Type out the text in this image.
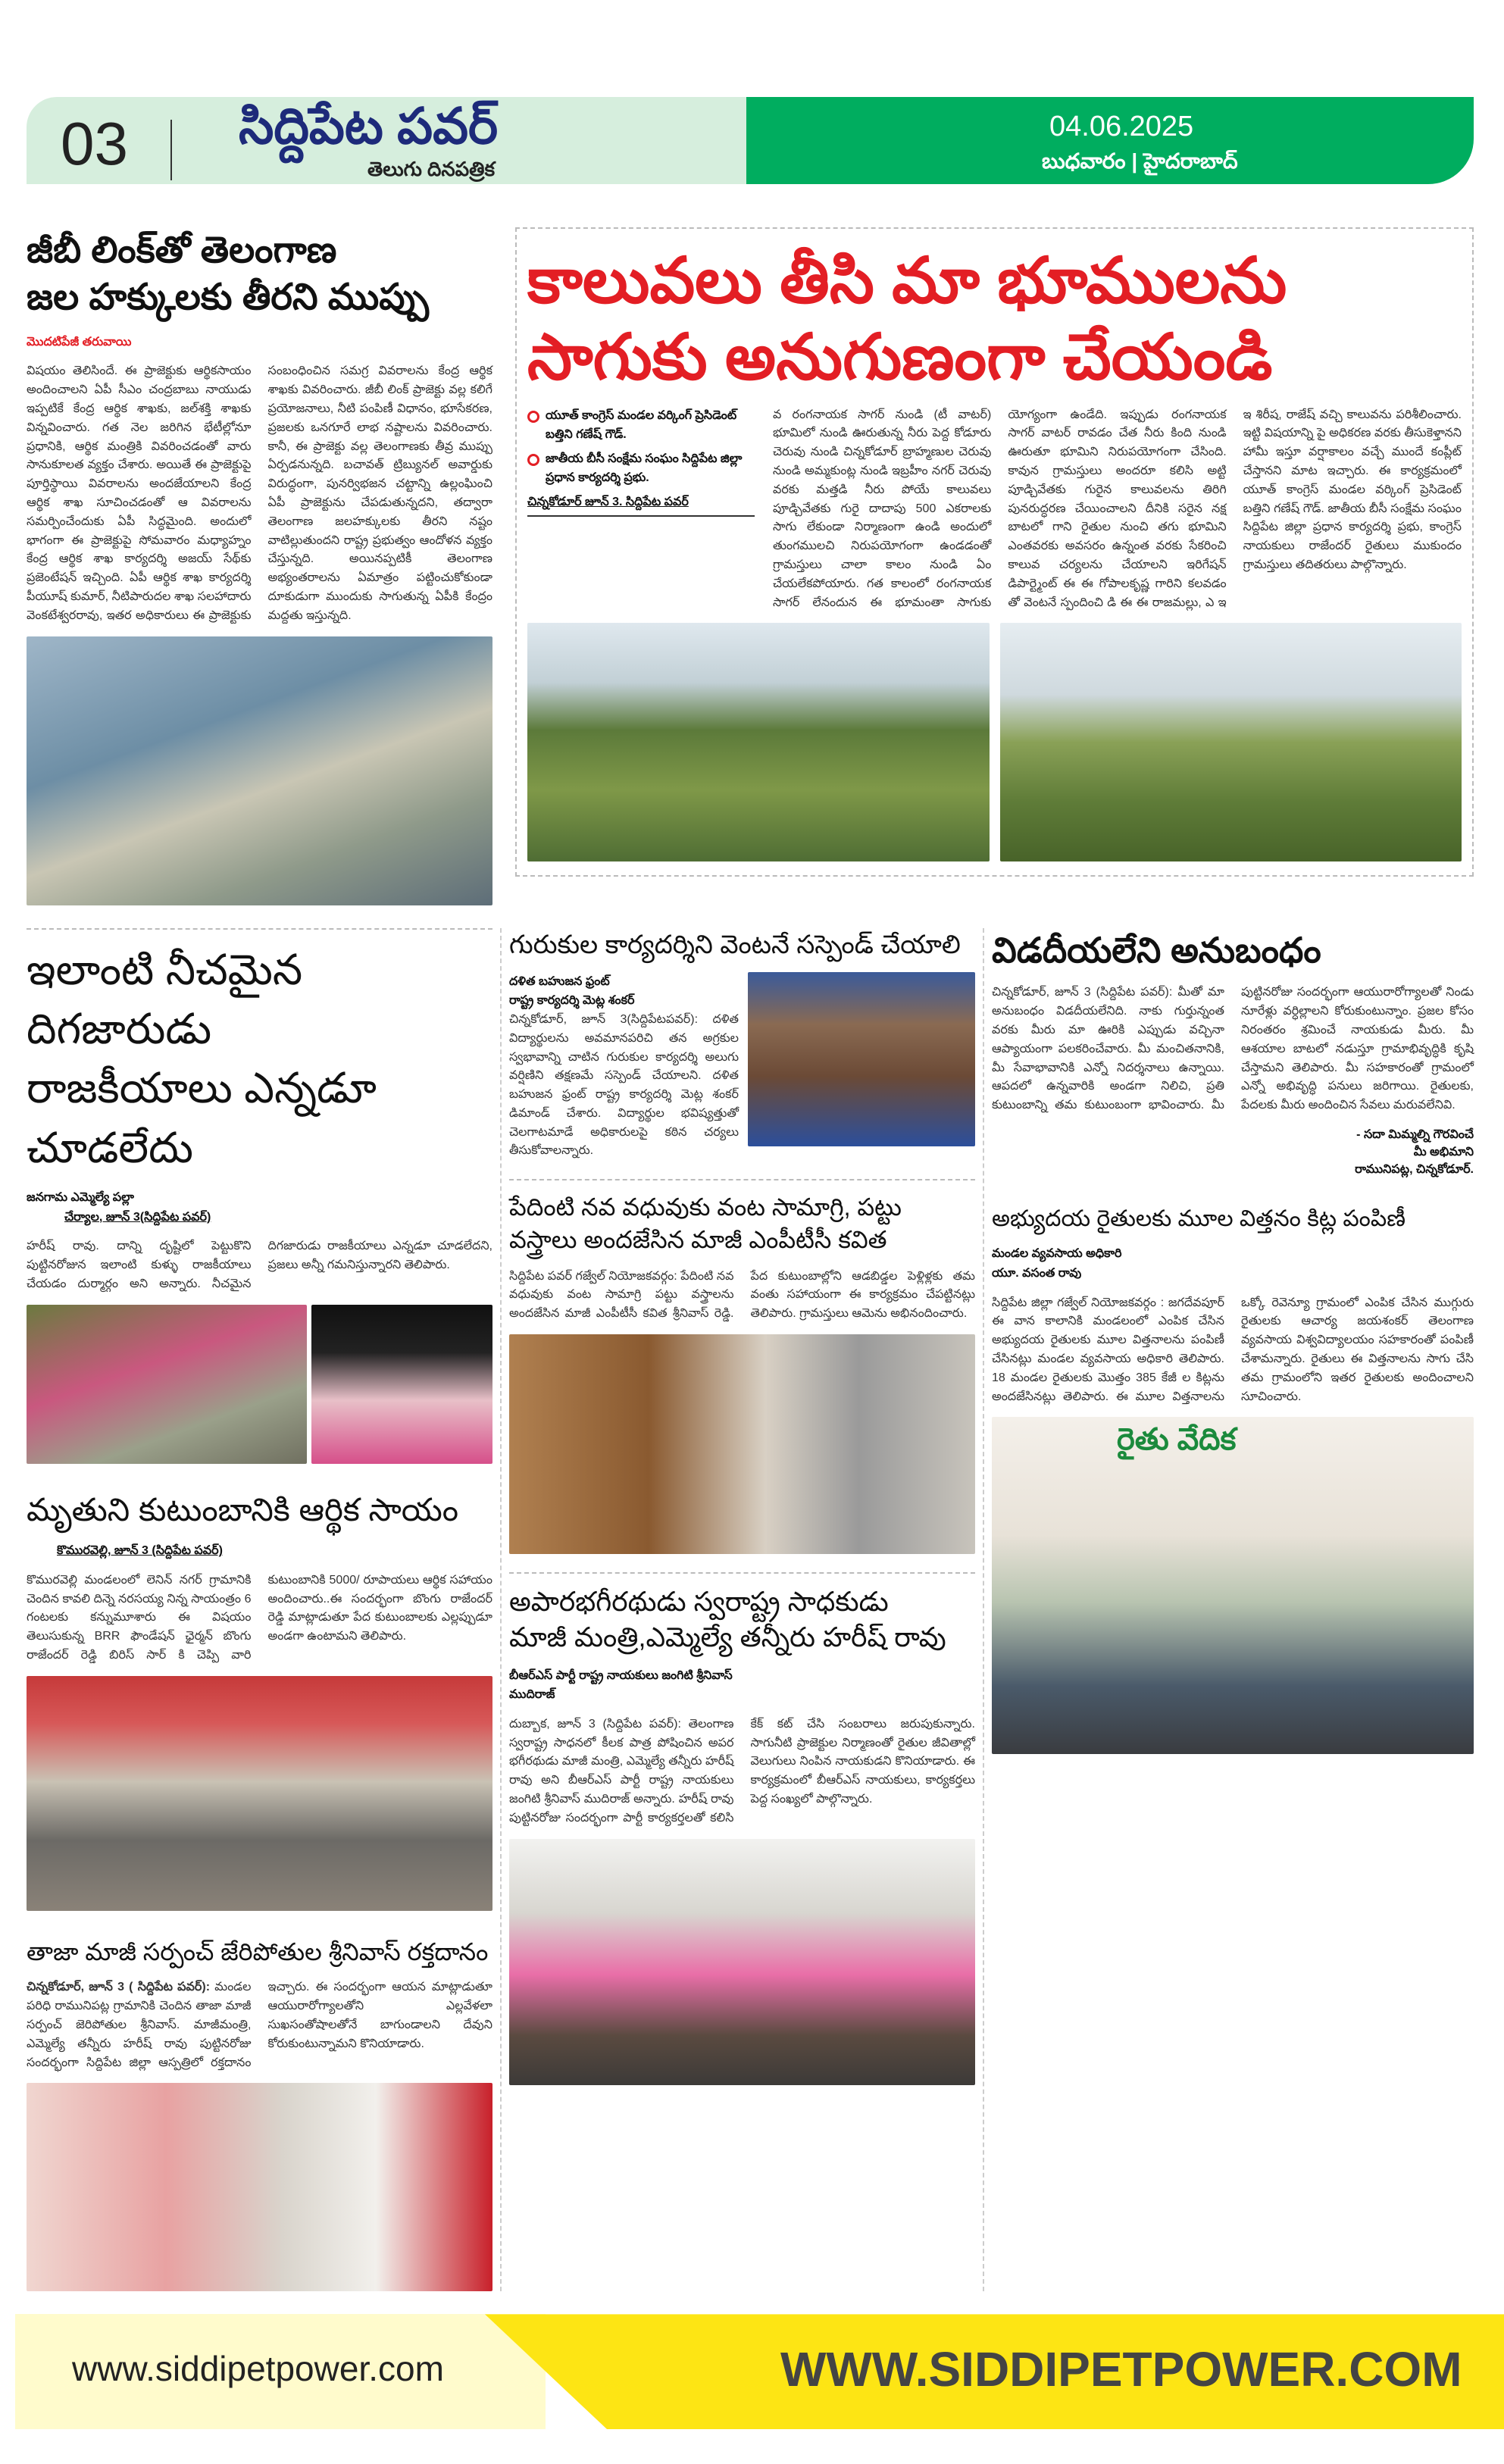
03 సిద్దిపేట పవర్
తెలుగు దినపత్రిక
04.06.2025
బుధవారం | హైదరాబాద్
జీబీ లింక్‌తో తెలంగాణ
జల హక్కులకు తీరని ముప్పు
మొదటిపేజీ తరువాయి
విషయం తెలిసిందే. ఈ ప్రాజెక్టుకు ఆర్థికసాయం అందించాలని ఏపీ సీఎం చంద్రబాబు నాయుడు ఇప్పటికే కేంద్ర ఆర్థిక శాఖకు, జల్‌శక్తి శాఖకు విన్నవించారు. గత నెల జరిగిన భేటీల్లోనూ ప్రధానికి, ఆర్థిక మంత్రికి వివరించడంతో వారు సానుకూలత వ్యక్తం చేశారు. అయితే ఈ ప్రాజెక్టుపై పూర్తిస్థాయి వివరాలను అందజేయాలని కేంద్ర ఆర్థిక శాఖ సూచించడంతో ఆ వివరాలను సమర్పించేందుకు ఏపీ సిద్ధమైంది. అందులో భాగంగా ఈ ప్రాజెక్టుపై సోమవారం మధ్యాహ్నం కేంద్ర ఆర్థిక శాఖ కార్యదర్శి అజయ్ సేథ్‌కు ప్రజెంటేషన్ ఇచ్చింది. ఏపీ ఆర్థిక శాఖ కార్యదర్శి పీయూష్ కుమార్, నీటిపారుదల శాఖ సలహాదారు వెంకటేశ్వరరావు, ఇతర అధికారులు ఈ ప్రాజెక్టుకు సంబంధించిన సమగ్ర వివరాలను కేంద్ర ఆర్థిక శాఖకు వివరించారు. జీబీ లింక్ ప్రాజెక్టు వల్ల కలిగే ప్రయోజనాలు, నీటి పంపిణీ విధానం, భూసేకరణ, ప్రజలకు ఒనగూరే లాభ నష్టాలను వివరించారు. కానీ, ఈ ప్రాజెక్టు వల్ల తెలంగాణకు తీవ్ర ముప్పు ఏర్పడనున్నది. బచావత్ ట్రిబ్యునల్ అవార్డుకు విరుద్ధంగా, పునర్విభజన చట్టాన్ని ఉల్లంఘించి ఏపీ ప్రాజెక్టును చేపడుతున్నదని, తద్వారా తెలంగాణ జలహక్కులకు తీరని నష్టం వాటిల్లుతుందని రాష్ట్ర ప్రభుత్వం ఆందోళన వ్యక్తం చేస్తున్నది. అయినప్పటికీ తెలంగాణ అభ్యంతరాలను ఏమాత్రం పట్టించుకోకుండా దూకుడుగా ముందుకు సాగుతున్న ఏపీకి కేంద్రం మద్దతు ఇస్తున్నది.
కాలువలు తీసి మా భూములను
సాగుకు అనుగుణంగా చేయండి
యూత్ కాంగ్రెస్ మండల వర్కింగ్ ప్రెసిడెంట్ బత్తిని గణేష్ గౌడ్.
జాతీయ బీసీ సంక్షేమ సంఘం సిద్దిపేట జిల్లా ప్రధాన కార్యదర్శి ప్రభు.
చిన్నకోడూర్ జూన్ 3. సిద్దిపేట పవర్
వ రంగనాయక సాగర్ నుండి (టీ వాటర్) భూమిలో నుండి ఊరుతున్న నీరు పెద్ద కోడూరు చెరువు నుండి చిన్నకోడూర్ బ్రాహ్మణుల చెరువు నుండి అమ్మకుంట్ల నుండి ఇబ్రహీం నగర్ చెరువు వరకు మత్తడి నీరు పోయే కాలువలు పూడ్చివేతకు గురై దాదాపు 500 ఎకరాలకు సాగు లేకుండా నిర్మాణంగా ఉండి అందులో తుంగములచి నిరుపయోగంగా ఉండడంతో గ్రామస్తులు చాలా కాలం నుండి ఏం చేయలేకపోయారు. గత కాలంలో రంగనాయక సాగర్ లేనందున ఈ భూమంతా సాగుకు యోగ్యంగా ఉండేది. ఇప్పుడు రంగనాయక సాగర్ వాటర్ రావడం చేత నీరు కింది నుండి ఊరుతూ భూమిని నిరుపయోగంగా చేసింది. కావున గ్రామస్తులు అందరూ కలిసి అట్టి పూడ్చివేతకు గురైన కాలువలను తిరిగి పునరుద్ధరణ చేయించాలని దీనికి సరైన నక్ష బాటలో గాని రైతుల నుంచి తగు భూమిని ఎంతవరకు అవసరం ఉన్నంత వరకు సేకరించి కాలువ చర్యలను చేయాలని ఇరిగేషన్ డిపార్ట్మెంట్ ఈ ఈ గోపాలకృష్ణ గారిని కలవడం తో వెంటనే స్పందించి డి ఈ ఈ రాజమల్లు, ఎ ఇ ఇ శిరీష, రాజేష్ వచ్చి కాలువను పరిశీలించారు. ఇట్టి విషయాన్ని పై అధికరణ వరకు తీసుకెళ్తానని హామీ ఇస్తూ వర్షాకాలం వచ్చే ముందే కంప్లీట్ చేస్తానని మాట ఇచ్చారు. ఈ కార్యక్రమంలో యూత్ కాంగ్రెస్ మండల వర్కింగ్ ప్రెసిడెంట్ బత్తిని గణేష్ గౌడ్. జాతీయ బీసీ సంక్షేమ సంఘం సిద్దిపేట జిల్లా ప్రధాన కార్యదర్శి ప్రభు, కాంగ్రెస్ నాయకులు రాజేందర్ రైతులు ముకుందం గ్రామస్తులు తదితరులు పాల్గొన్నారు.
ఇలాంటి నీచమైన దిగజారుడు
రాజకీయాలు ఎన్నడూ చూడలేదు
జనగామ ఎమ్మెల్యే పల్లా
చేర్యాల, జూన్ 3(సిద్దిపేట పవర్)
హరీష్ రావు. దాన్ని దృష్టిలో పెట్టుకొని పుట్టినరోజున ఇలాంటి కుళ్ళు రాజకీయాలు చేయడం దుర్మార్గం అని అన్నారు. నీచమైన దిగజారుడు రాజకీయాలు ఎన్నడూ చూడలేదని, ప్రజలు అన్నీ గమనిస్తున్నారని తెలిపారు.
మృతుని కుటుంబానికి ఆర్థిక సాయం
కొమురవెల్లి, జూన్ 3 (సిద్దిపేట పవర్)
కొమురవెల్లి మండలంలో లెనిన్ నగర్ గ్రామానికి చెందిన కావలి దిన్నె నరసయ్య నిన్న సాయంత్రం 6 గంటలకు కన్నుమూశారు ఈ విషయం తెలుసుకున్న BRR ఫౌండేషన్ ఛైర్మన్ బొంగు రాజేందర్ రెడ్డి బిరిస్ సార్ కి చెప్పి వారి కుటుంబానికి 5000/ రూపాయలు ఆర్థిక సహాయం అందించారు..ఈ సందర్భంగా బొంగు రాజేందర్ రెడ్డి మాట్లాడుతూ పేద కుటుంబాలకు ఎల్లప్పుడూ అండగా ఉంటామని తెలిపారు.
తాజా మాజీ సర్పంచ్ జేరిపోతుల శ్రీనివాస్ రక్తదానం
చిన్నకోడూర్, జూన్ 3 ( సిద్దిపేట పవర్): మండల పరిధి రామునిపట్ల గ్రామానికి చెందిన తాజా మాజీ సర్పంచ్ జెరిపోతుల శ్రీనివాస్. మాజీమంత్రి, ఎమ్మెల్యే తన్నీరు హరీష్ రావు పుట్టినరోజు సందర్భంగా సిద్దిపేట జిల్లా ఆస్పత్రిలో రక్తదానం ఇచ్చారు. ఈ సందర్భంగా ఆయన మాట్లాడుతూ ఆయురారోగ్యాలతోని ఎల్లవేళలా సుఖసంతోషాలతోనే బాగుండాలని దేవుని కోరుకుంటున్నామని కొనియాడారు.
గురుకుల కార్యదర్శిని వెంటనే సస్పెండ్ చేయాలి
దళిత బహుజన ఫ్రంట్
రాష్ట్ర కార్యదర్శి మెట్ల శంకర్
చిన్నకోడూర్, జూన్ 3(సిద్దిపేటపవర్): దళిత విద్యార్థులను అవమానపరిచి తన అగ్రకుల స్వభావాన్ని చాటిన గురుకుల కార్యదర్శి అలుగు వర్షిణిని తక్షణమే సస్పెండ్ చేయాలని. దళిత బహుజన ఫ్రంట్ రాష్ట్ర కార్యదర్శి మెట్ల శంకర్ డిమాండ్ చేశారు. విద్యార్థుల భవిష్యత్తుతో చెలగాటమాడే అధికారులపై కఠిన చర్యలు తీసుకోవాలన్నారు.
పేదింటి నవ వధువుకు వంట సామాగ్రి, పట్టు
వస్త్రాలు అందజేసిన మాజీ ఎంపీటీసీ కవిత
సిద్దిపేట పవర్ గజ్వేల్ నియోజకవర్గం: పేదింటి నవ వధువుకు వంట సామాగ్రి పట్టు వస్త్రాలను అందజేసిన మాజీ ఎంపీటీసీ కవిత శ్రీనివాస్ రెడ్డి. పేద కుటుంబాల్లోని ఆడబిడ్డల పెళ్లిళ్లకు తమ వంతు సహాయంగా ఈ కార్యక్రమం చేపట్టినట్లు తెలిపారు. గ్రామస్తులు ఆమెను అభినందించారు.
అపారభగీరథుడు స్వరాష్ట్ర సాధకుడు
మాజీ మంత్రి,ఎమ్మెల్యే తన్నీరు హరీష్ రావు
బీఆర్ఎస్ పార్టీ రాష్ట్ర నాయకులు జంగిటి శ్రీనివాస్ ముదిరాజ్
దుబ్బాక, జూన్ 3 (సిద్దిపేట పవర్): తెలంగాణ స్వరాష్ట్ర సాధనలో కీలక పాత్ర పోషించిన అపర భగీరథుడు మాజీ మంత్రి, ఎమ్మెల్యే తన్నీరు హరీష్ రావు అని బీఆర్ఎస్ పార్టీ రాష్ట్ర నాయకులు జంగిటి శ్రీనివాస్ ముదిరాజ్ అన్నారు. హరీష్ రావు పుట్టినరోజు సందర్భంగా పార్టీ కార్యకర్తలతో కలిసి కేక్ కట్ చేసి సంబరాలు జరుపుకున్నారు. సాగునీటి ప్రాజెక్టుల నిర్మాణంతో రైతుల జీవితాల్లో వెలుగులు నింపిన నాయకుడని కొనియాడారు. ఈ కార్యక్రమంలో బీఆర్ఎస్ నాయకులు, కార్యకర్తలు పెద్ద సంఖ్యలో పాల్గొన్నారు.
విడదీయలేని అనుబంధం
చిన్నకోడూర్, జూన్ 3 (సిద్దిపేట పవర్): మీతో మా అనుబంధం విడదీయలేనిది. నాకు గుర్తున్నంత వరకు మీరు మా ఊరికి ఎప్పుడు వచ్చినా ఆప్యాయంగా పలకరించేవారు. మీ మంచితనానికి, మీ సేవాభావానికి ఎన్నో నిదర్శనాలు ఉన్నాయి. ఆపదలో ఉన్నవారికి అండగా నిలిచి, ప్రతి కుటుంబాన్ని తమ కుటుంబంగా భావించారు. మీ పుట్టినరోజు సందర్భంగా ఆయురారోగ్యాలతో నిండు నూరేళ్లు వర్ధిల్లాలని కోరుకుంటున్నాం. ప్రజల కోసం నిరంతరం శ్రమించే నాయకుడు మీరు. మీ ఆశయాల బాటలో నడుస్తూ గ్రామాభివృద్ధికి కృషి చేస్తామని తెలిపారు. మీ సహకారంతో గ్రామంలో ఎన్నో అభివృద్ధి పనులు జరిగాయి. రైతులకు, పేదలకు మీరు అందించిన సేవలు మరువలేనివి.
- సదా మిమ్మల్ని గౌరవించే
మీ అభిమాని
రామునిపట్ల, చిన్నకోడూర్.
అభ్యుదయ రైతులకు మూల విత్తనం కిట్ల పంపిణీ
మండల వ్యవసాయ అధికారి
యూ. వసంత రావు
సిద్దిపేట జిల్లా గజ్వేల్ నియోజకవర్గం : జగదేవపూర్ ఈ వాన కాలానికి మండలంలో ఎంపిక చేసిన అభ్యుదయ రైతులకు మూల విత్తనాలను పంపిణీ చేసినట్లు మండల వ్యవసాయ అధికారి తెలిపారు. 18 మండల రైతులకు మొత్తం 385 కేజీ ల కిట్లను అందజేసినట్లు తెలిపారు. ఈ మూల విత్తనాలను ఒక్కో రెవెన్యూ గ్రామంలో ఎంపిక చేసిన ముగ్గురు రైతులకు ఆచార్య జయశంకర్ తెలంగాణ వ్యవసాయ విశ్వవిద్యాలయం సహకారంతో పంపిణీ చేశామన్నారు. రైతులు ఈ విత్తనాలను సాగు చేసి తమ గ్రామంలోని ఇతర రైతులకు అందించాలని సూచించారు.
రైతు వేదిక
www.siddipetpower.com	WWW.SIDDIPETPOWER.COM
